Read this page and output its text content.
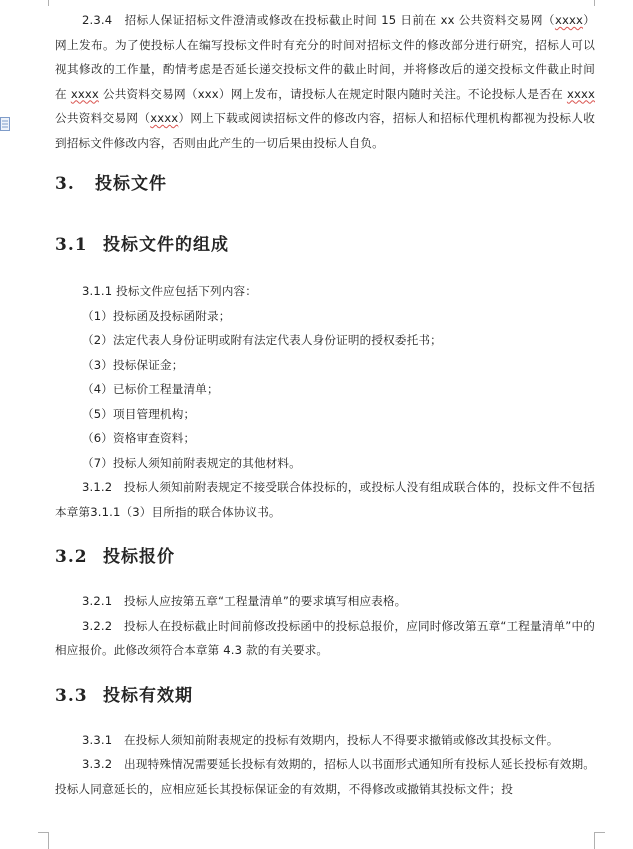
2.3.4 招标人保证招标文件澄清或修改在投标截止时间 15 日前在 xx 公共资料交易网（xxxx）网上发布。为了使投标人在编写投标文件时有充分的时间对招标文件的修改部分进行研究，招标人可以视其修改的工作量，酌情考虑是否延长递交投标文件的截止时间，并将修改后的递交投标文件截止时间在 xxxx 公共资料交易网（xxx）网上发布，请投标人在规定时限内随时关注。不论投标人是否在 xxxx 公共资料交易网（xxxx）网上下载或阅读招标文件的修改内容，招标人和招标代理机构都视为投标人收到招标文件修改内容，否则由此产生的一切后果由投标人自负。

3. 投标文件
3.1 投标文件的组成

3.1.1 投标文件应包括下列内容：

（1）投标函及投标函附录；

（2）法定代表人身份证明或附有法定代表人身份证明的授权委托书；

（3）投标保证金；

（4）已标价工程量清单；

（5）项目管理机构；

（6）资格审查资料；

（7）投标人须知前附表规定的其他材料。

3.1.2　投标人须知前附表规定不接受联合体投标的，或投标人没有组成联合体的，投标文件不包括本章第3.1.1（3）目所指的联合体协议书。

3.2 投标报价

3.2.1　投标人应按第五章“工程量清单”的要求填写相应表格。

3.2.2　投标人在投标截止时间前修改投标函中的投标总报价，应同时修改第五章“工程量清单”中的相应报价。此修改须符合本章第 4.3 款的有关要求。

3.3 投标有效期

3.3.1　在投标人须知前附表规定的投标有效期内，投标人不得要求撤销或修改其投标文件。

3.3.2　出现特殊情况需要延长投标有效期的，招标人以书面形式通知所有投标人延长投标有效期。投标人同意延长的，应相应延长其投标保证金的有效期，不得修改或撤销其投标文件；投
